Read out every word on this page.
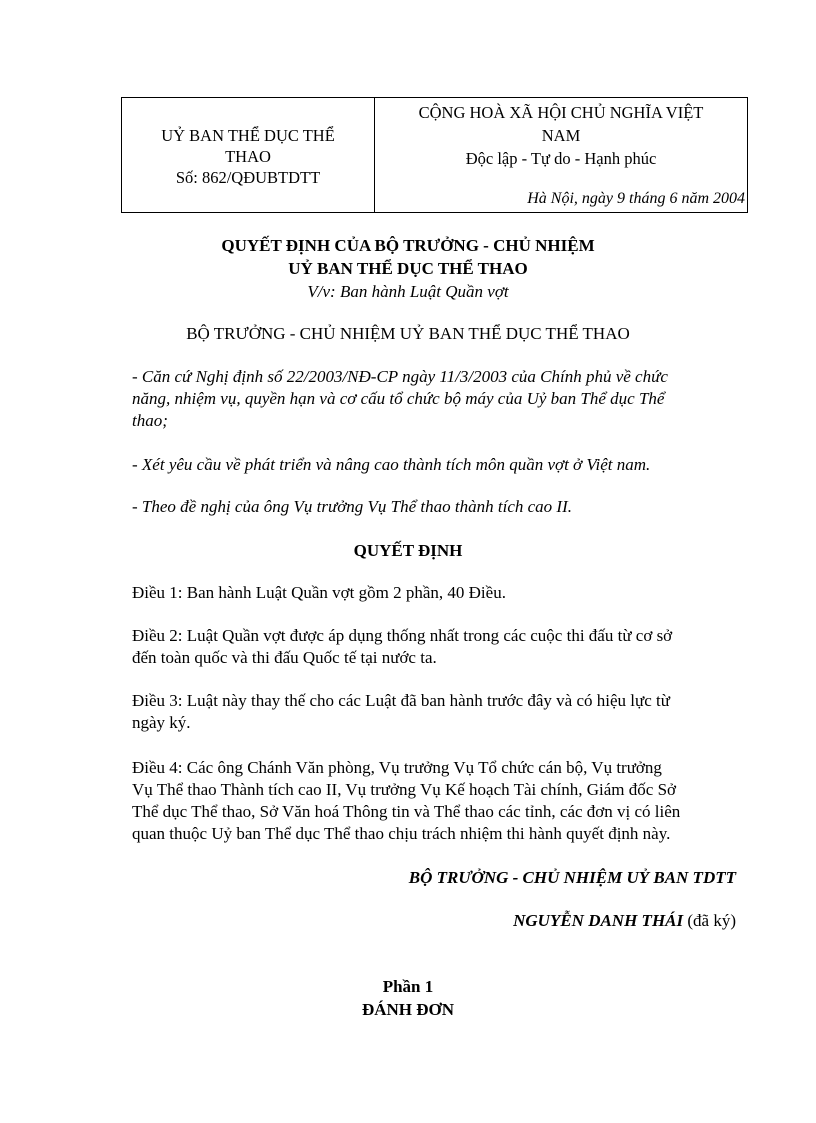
UỶ BAN THỂ DỤC THỂ
THAO
Số: 862/QĐUBTDTT
CỘNG HOÀ XÃ HỘI CHỦ NGHĨA VIỆT
NAM
Độc lập - Tự do - Hạnh phúc
Hà Nội, ngày 9 tháng 6 năm 2004
QUYẾT ĐỊNH CỦA BỘ TRƯỞNG - CHỦ NHIỆM
UỶ BAN THỂ DỤC THỂ THAO
V/v: Ban hành Luật Quần vợt
BỘ TRƯỞNG - CHỦ NHIỆM UỶ BAN THỂ DỤC THỂ THAO
- Căn cứ Nghị định số 22/2003/NĐ-CP ngày 11/3/2003 của Chính phủ về chức
năng, nhiệm vụ, quyền hạn và cơ cấu tổ chức bộ máy của Uỷ ban Thể dục Thể
thao;
- Xét yêu cầu về phát triển và nâng cao thành tích môn quần vợt ở Việt nam.
- Theo đề nghị của ông Vụ trưởng Vụ Thể thao thành tích cao II.
QUYẾT ĐỊNH
Điều 1: Ban hành Luật Quần vợt gồm 2 phần, 40 Điều.
Điều 2: Luật Quần vợt được áp dụng thống nhất trong các cuộc thi đấu từ cơ sở
đến toàn quốc và thi đấu Quốc tế tại nước ta.
Điều 3: Luật này thay thế cho các Luật đã ban hành trước đây và có hiệu lực từ
ngày ký.
Điều 4: Các ông Chánh Văn phòng, Vụ trưởng Vụ Tổ chức cán bộ, Vụ trưởng
Vụ Thể thao Thành tích cao II, Vụ trưởng Vụ Kế hoạch Tài chính, Giám đốc Sở
Thể dục Thể thao, Sở Văn hoá Thông tin và Thể thao các tỉnh, các đơn vị có liên
quan thuộc Uỷ ban Thể dục Thể thao chịu trách nhiệm thi hành quyết định này.
BỘ TRƯỞNG - CHỦ NHIỆM UỶ BAN TDTT
NGUYỄN DANH THÁI (đã ký)
Phần 1
ĐÁNH ĐƠN
